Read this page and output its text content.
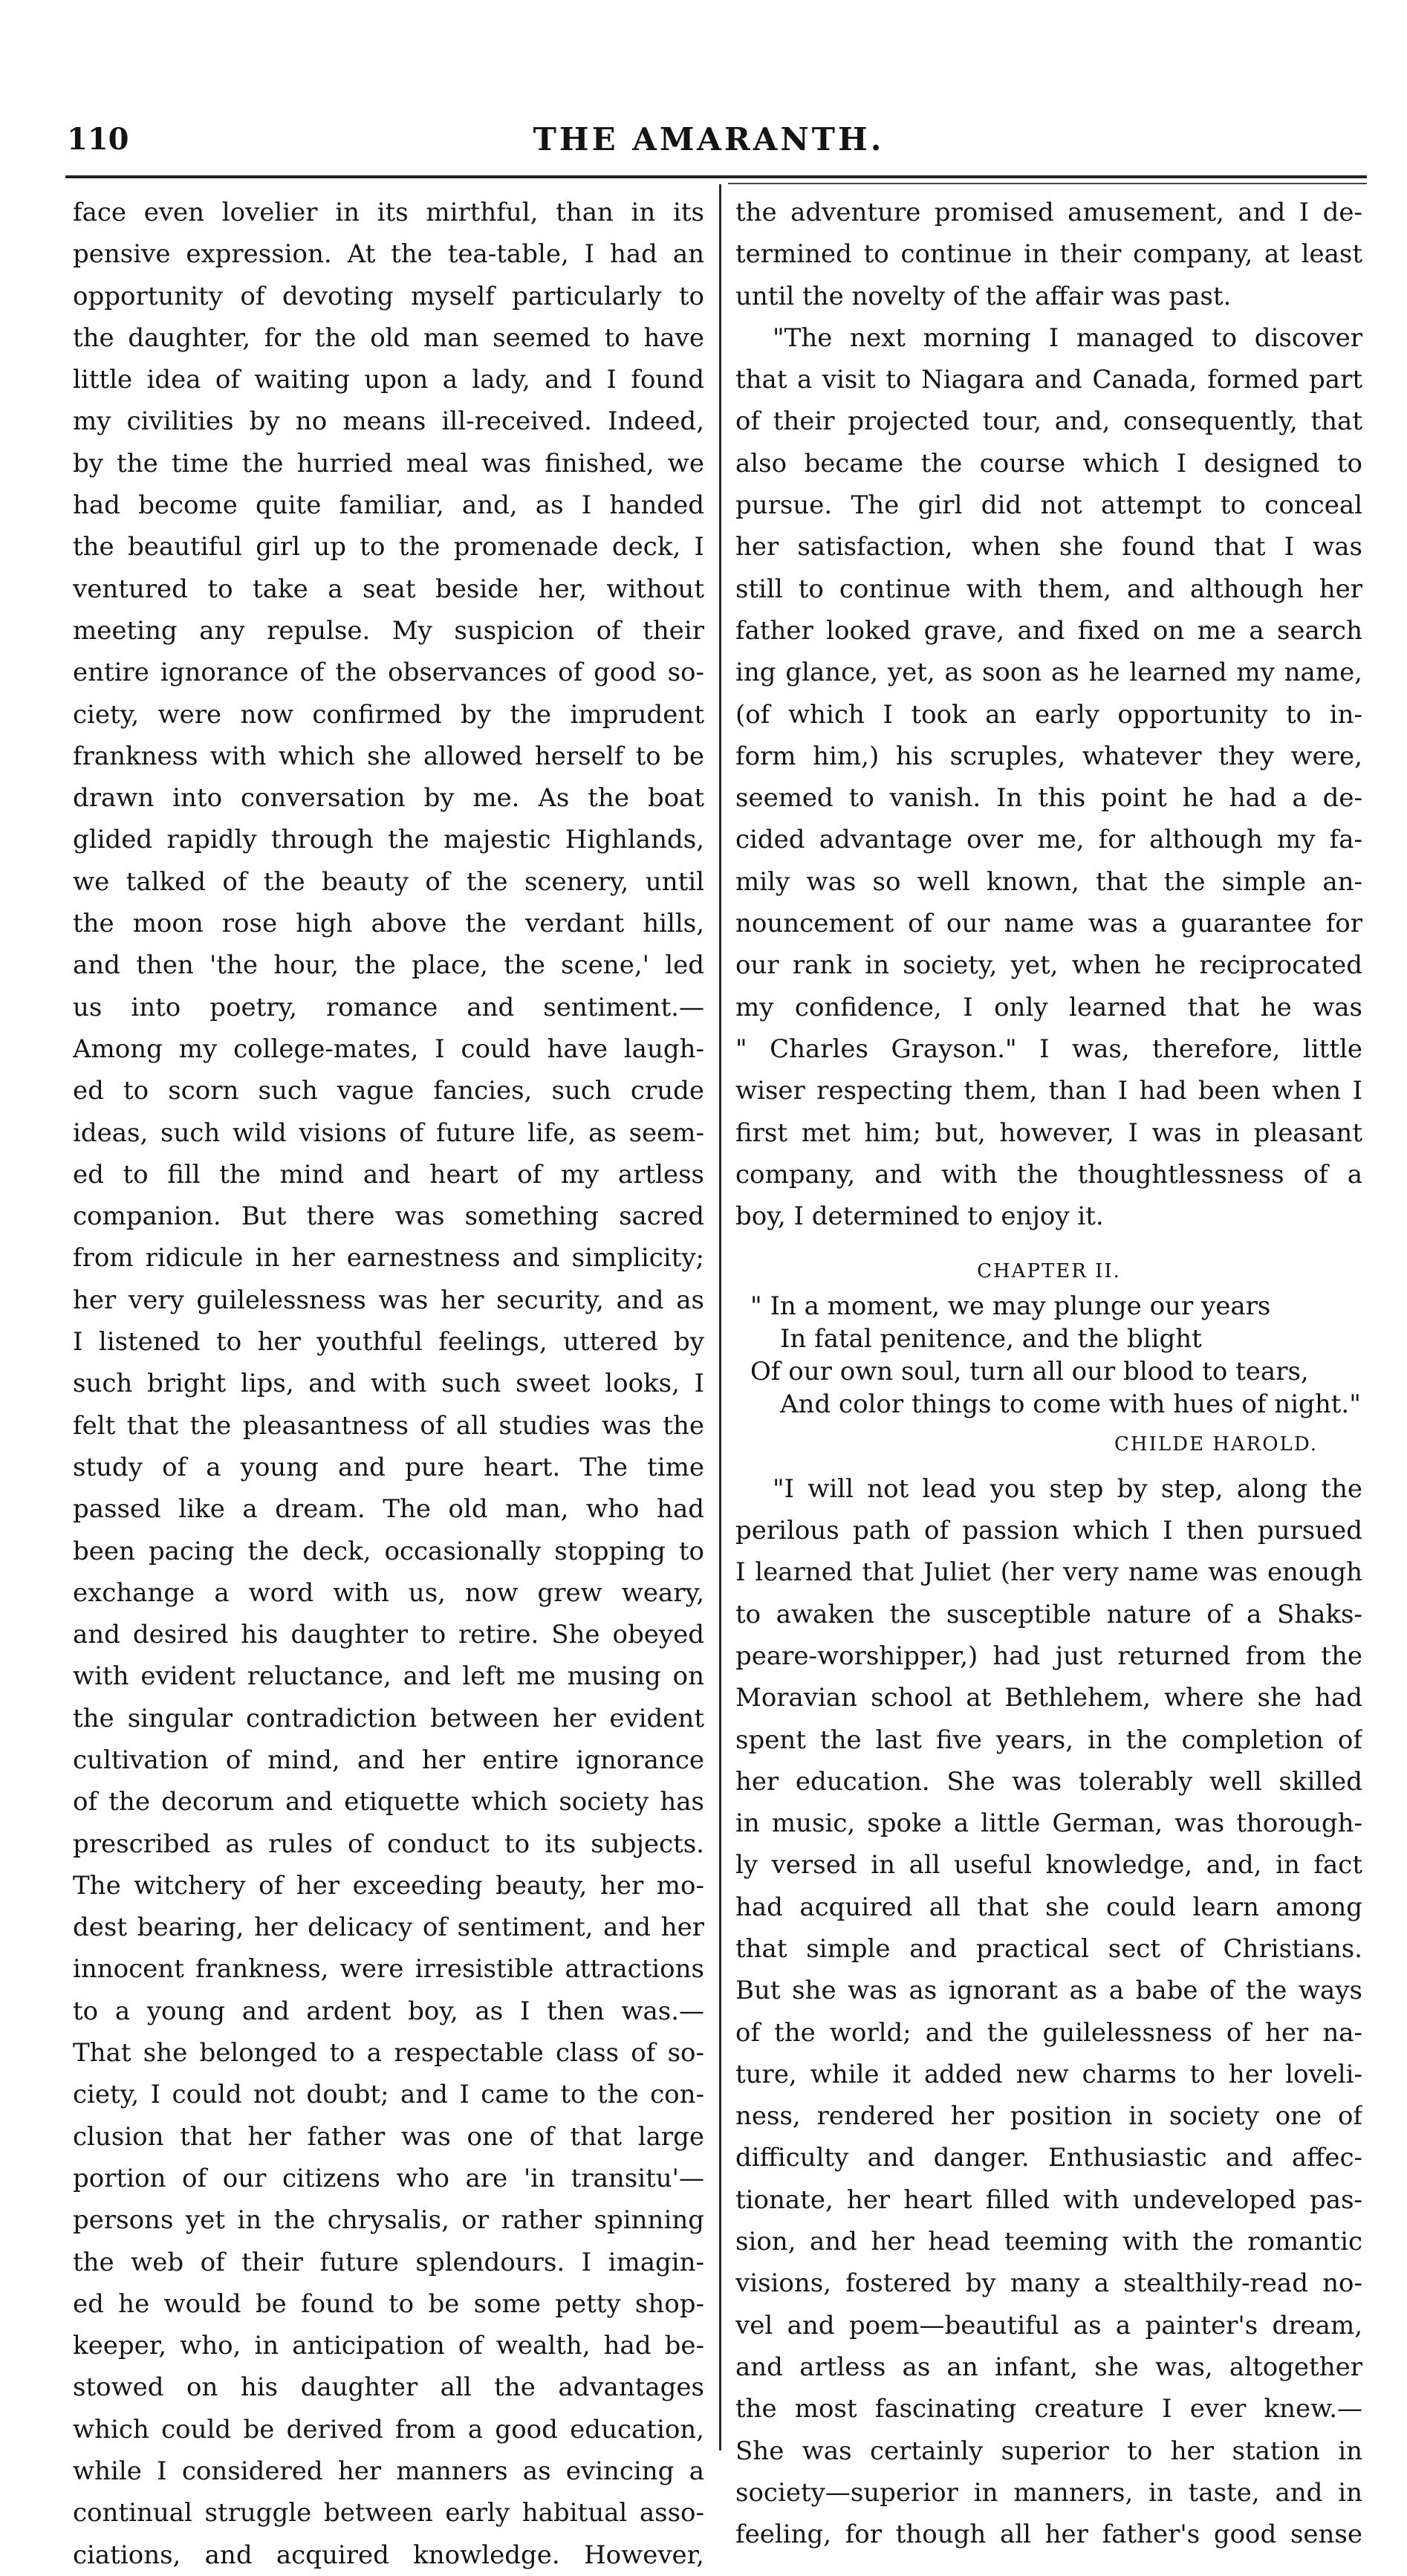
110	THE AMARANTH.
face even lovelier in its mirthful, than in its
pensive expression. At the tea-table, I had an
opportunity of devoting myself particularly to
the daughter, for the old man seemed to have
little idea of waiting upon a lady, and I found
my civilities by no means ill-received. Indeed,
by the time the hurried meal was finished, we
had become quite familiar, and, as I handed
the beautiful girl up to the promenade deck, I
ventured to take a seat beside her, without
meeting any repulse. My suspicion of their
entire ignorance of the observances of good so-
ciety, were now confirmed by the imprudent
frankness with which she allowed herself to be
drawn into conversation by me. As the boat
glided rapidly through the majestic Highlands,
we talked of the beauty of the scenery, until
the moon rose high above the verdant hills,
and then 'the hour, the place, the scene,' led
us into poetry, romance and sentiment.—
Among my college-mates, I could have laugh-
ed to scorn such vague fancies, such crude
ideas, such wild visions of future life, as seem-
ed to fill the mind and heart of my artless
companion. But there was something sacred
from ridicule in her earnestness and simplicity;
her very guilelessness was her security, and as
I listened to her youthful feelings, uttered by
such bright lips, and with such sweet looks, I
felt that the pleasantness of all studies was the
study of a young and pure heart. The time
passed like a dream. The old man, who had
been pacing the deck, occasionally stopping to
exchange a word with us, now grew weary,
and desired his daughter to retire. She obeyed
with evident reluctance, and left me musing on
the singular contradiction between her evident
cultivation of mind, and her entire ignorance
of the decorum and etiquette which society has
prescribed as rules of conduct to its subjects.
The witchery of her exceeding beauty, her mo-
dest bearing, her delicacy of sentiment, and her
innocent frankness, were irresistible attractions
to a young and ardent boy, as I then was.—
That she belonged to a respectable class of so-
ciety, I could not doubt; and I came to the con-
clusion that her father was one of that large
portion of our citizens who are 'in transitu'—
persons yet in the chrysalis, or rather spinning
the web of their future splendours. I imagin-
ed he would be found to be some petty shop-
keeper, who, in anticipation of wealth, had be-
stowed on his daughter all the advantages
which could be derived from a good education,
while I considered her manners as evincing a
continual struggle between early habitual asso-
ciations, and acquired knowledge. However,
the adventure promised amusement, and I de-
termined to continue in their company, at least
until the novelty of the affair was past.
"The next morning I managed to discover
that a visit to Niagara and Canada, formed part
of their projected tour, and, consequently, that
also became the course which I designed to
pursue. The girl did not attempt to conceal
her satisfaction, when she found that I was
still to continue with them, and although her
father looked grave, and fixed on me a search
ing glance, yet, as soon as he learned my name,
(of which I took an early opportunity to in-
form him,) his scruples, whatever they were,
seemed to vanish. In this point he had a de-
cided advantage over me, for although my fa-
mily was so well known, that the simple an-
nouncement of our name was a guarantee for
our rank in society, yet, when he reciprocated
my confidence, I only learned that he was
" Charles Grayson." I was, therefore, little
wiser respecting them, than I had been when I
first met him; but, however, I was in pleasant
company, and with the thoughtlessness of a
boy, I determined to enjoy it.
CHAPTER II.
" In a moment, we may plunge our years
In fatal penitence, and the blight
Of our own soul, turn all our blood to tears,
And color things to come with hues of night."
CHILDE HAROLD.
"I will not lead you step by step, along the
perilous path of passion which I then pursued
I learned that Juliet (her very name was enough
to awaken the susceptible nature of a Shaks-
peare-worshipper,) had just returned from the
Moravian school at Bethlehem, where she had
spent the last five years, in the completion of
her education. She was tolerably well skilled
in music, spoke a little German, was thorough-
ly versed in all useful knowledge, and, in fact
had acquired all that she could learn among
that simple and practical sect of Christians.
But she was as ignorant as a babe of the ways
of the world; and the guilelessness of her na-
ture, while it added new charms to her loveli-
ness, rendered her position in society one of
difficulty and danger. Enthusiastic and affec-
tionate, her heart filled with undeveloped pas-
sion, and her head teeming with the romantic
visions, fostered by many a stealthily-read no-
vel and poem—beautiful as a painter's dream,
and artless as an infant, she was, altogether
the most fascinating creature I ever knew.—
She was certainly superior to her station in
society—superior in manners, in taste, and in
feeling, for though all her father's good sense
